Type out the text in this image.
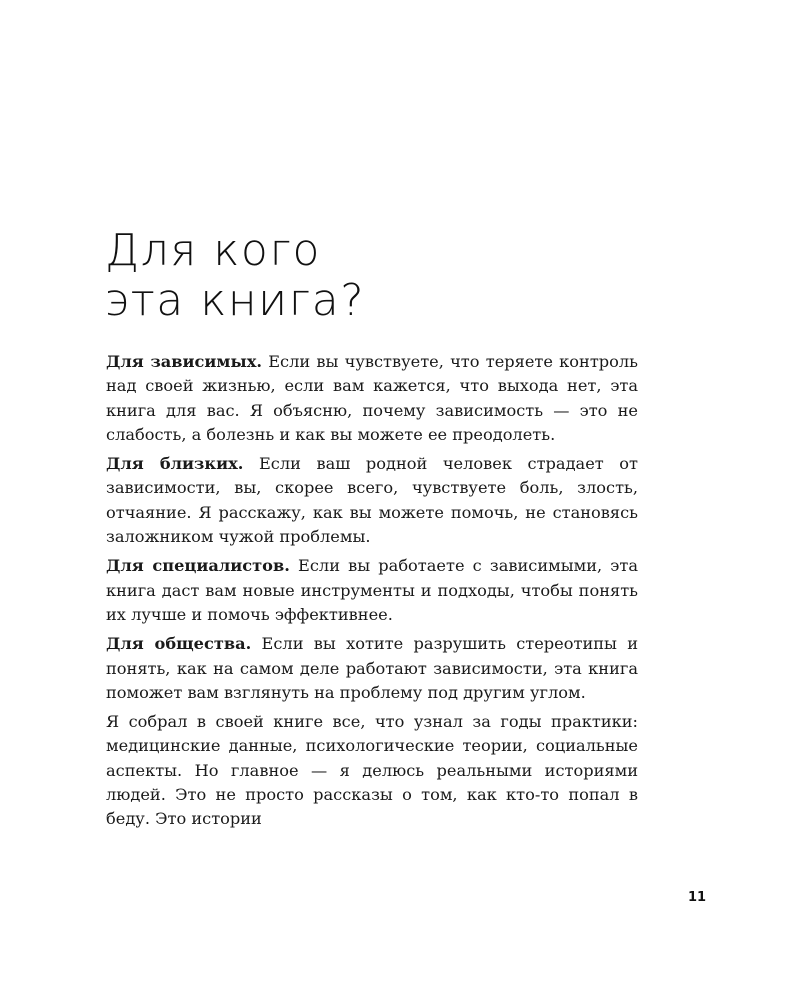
Для кого
эта книга?

Для зависимых. Если вы чувствуете, что теряете контроль над своей жизнью, если вам кажется, что выхода нет, эта книга для вас. Я объясню, почему зависимость — это не слабость, а болезнь и как вы можете ее преодолеть.

Для близких. Если ваш родной человек страдает от зависимости, вы, скорее всего, чувствуете боль, злость, отчаяние. Я расскажу, как вы можете помочь, не становясь заложником чужой проблемы.

Для специалистов. Если вы работаете с зависимыми, эта книга даст вам новые инструменты и подходы, чтобы понять их лучше и помочь эффективнее.

Для общества. Если вы хотите разрушить стереотипы и понять, как на самом деле работают зависимости, эта книга поможет вам взглянуть на проблему под другим углом.

Я собрал в своей книге все, что узнал за годы практики: медицинские данные, психологические теории, социальные аспекты. Но главное — я делюсь реальными историями людей. Это не просто рассказы о том, как кто-то попал в беду. Это истории

11
